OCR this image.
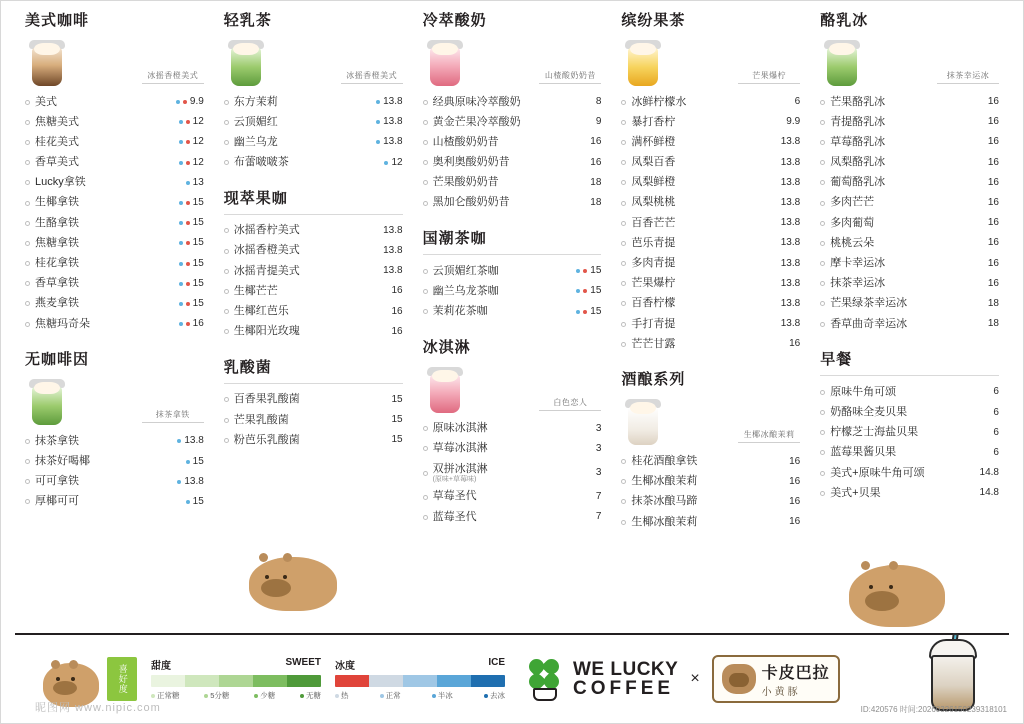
美式咖啡
冰摇香橙美式
美式	9.9
焦糖美式	12
桂花美式	12
香草美式	12
Lucky拿铁	13
生椰拿铁	15
生酪拿铁	15
焦糖拿铁	15
桂花拿铁	15
香草拿铁	15
燕麦拿铁	15
焦糖玛奇朵	16
无咖啡因
抹茶拿铁
抹茶拿铁	13.8
抹茶好喝椰	15
可可拿铁	13.8
厚椰可可	15
轻乳茶
冰摇香橙美式
东方茉莉	13.8
云顶媚红	13.8
幽兰乌龙	13.8
布蕾啵啵茶	12
现萃果咖
冰摇香柠美式	13.8
冰摇香橙美式	13.8
冰摇青提美式	13.8
生椰芒芒	16
生椰红芭乐	16
生椰阳光玫瑰	16
乳酸菌
百香果乳酸菌	15
芒果乳酸菌	15
粉芭乐乳酸菌	15
冷萃酸奶
山楂酸奶奶昔
经典原味冷萃酸奶	8
黄金芒果冷萃酸奶	9
山楂酸奶奶昔	16
奥利奥酸奶奶昔	16
芒果酸奶奶昔	18
黑加仑酸奶奶昔	18
国潮茶咖
云顶媚红茶咖	15
幽兰乌龙茶咖	15
茉莉花茶咖	15
冰淇淋
白色恋人
原味冰淇淋	3
草莓冰淇淋	3
双拼冰淇淋
(原味+草莓味)
3
草莓圣代	7
蓝莓圣代	7
缤纷果茶
芒果爆柠
冰鲜柠檬水	6
暴打香柠	9.9
满杯鲜橙	13.8
凤梨百香	13.8
凤梨鲜橙	13.8
凤梨桃桃	13.8
百香芒芒	13.8
芭乐青提	13.8
多肉青提	13.8
芒果爆柠	13.8
百香柠檬	13.8
手打青提	13.8
芒芒甘露	16
酒酿系列
生椰冰酿茉莉
桂花酒酿拿铁	16
生椰冰酿茉莉	16
抹茶冰酿马蹄	16
生椰冰酿茉莉	16
酪乳冰
抹茶幸运冰
芒果酪乳冰	16
青提酪乳冰	16
草莓酪乳冰	16
凤梨酪乳冰	16
葡萄酪乳冰	16
多肉芒芒	16
多肉葡萄	16
桃桃云朵	16
摩卡幸运冰	16
抹茶幸运冰	16
芒果绿茶幸运冰	18
香草曲奇幸运冰	18
早餐
原味牛角可颂	6
奶酪味全麦贝果	6
柠檬芝士海盐贝果	6
蓝莓果酱贝果	6
美式+原味牛角可颂	14.8
美式+贝果	14.8
喜好度	甜度	SWEET
正常糖	5分糖	少糖	无糖
冰度	ICE
热	正常	半冰	去冰
WE LUCKY
COFFEE ×	卡皮巴拉
小黄豚
昵图网 www.nipic.com	ID:420576 时间:20260326150239318101
